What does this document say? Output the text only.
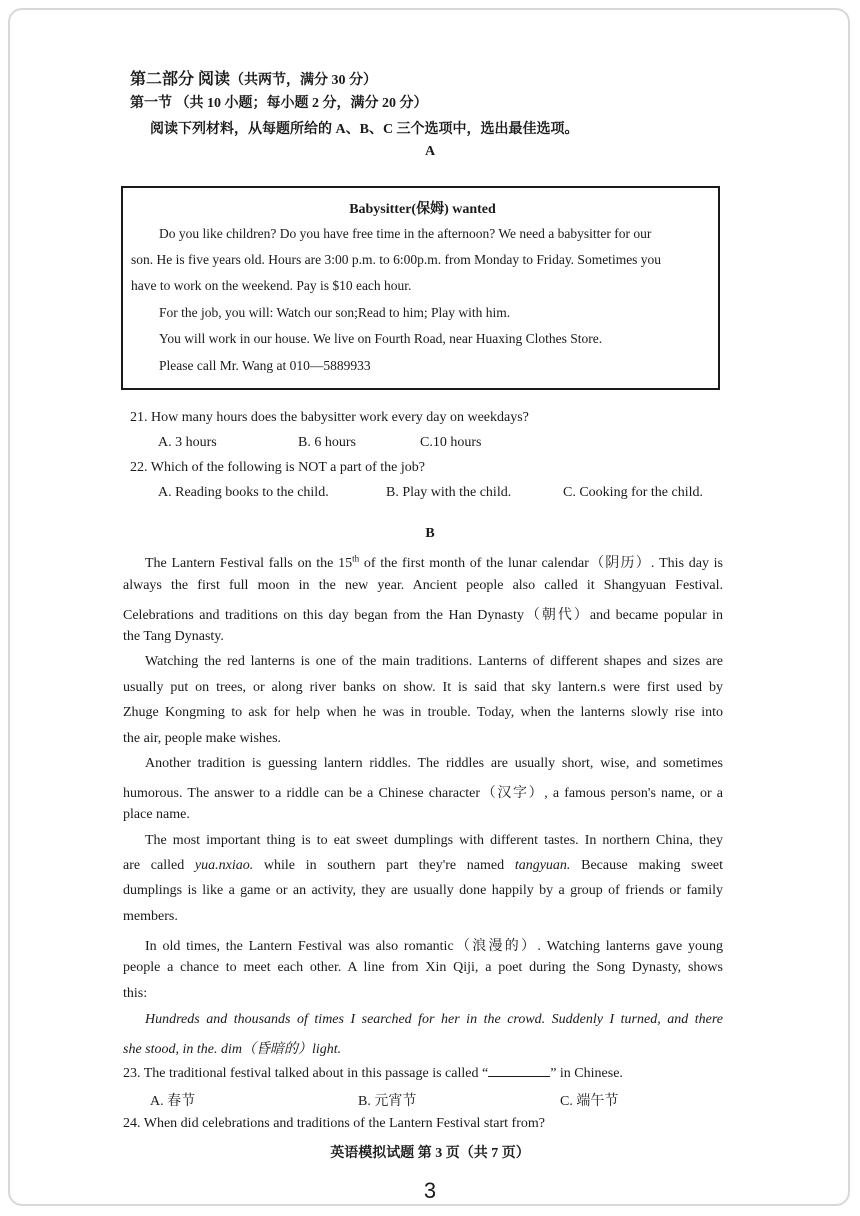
第二部分 阅读（共两节，满分 30 分）
第一节 （共 10 小题；每小题 2 分，满分 20 分）
阅读下列材料，从每题所给的 A、B、C 三个选项中，选出最佳选项。
A
Babysitter(保姆) wanted
Do you like children? Do you have free time in the afternoon? We need a babysitter for our
son. He is five years old. Hours are 3:00 p.m. to 6:00p.m. from Monday to Friday. Sometimes you
have to work on the weekend. Pay is $10 each hour.
For the job, you will: Watch our son;Read to him; Play with him.
You will work in our house. We live on Fourth Road, near Huaxing Clothes Store.
Please call Mr. Wang at 010—5889933
21. How many hours does the babysitter work every day on weekdays?
A. 3 hours	B. 6 hours	C.10 hours
22. Which of the following is NOT a part of the job?
A. Reading books to the child.	B. Play with the child.	C. Cooking for the child.
B
The Lantern Festival falls on the 15th of the first month of the lunar calendar（阴历）. This day is
always the first full moon in the new year. Ancient people also called it Shangyuan Festival.
Celebrations and traditions on this day began from the Han Dynasty（朝代）and became popular in
the Tang Dynasty.
Watching the red lanterns is one of the main traditions. Lanterns of different shapes and sizes are
usually put on trees, or along river banks on show. It is said that sky lantern.s were first used by
Zhuge Kongming to ask for help when he was in trouble. Today, when the lanterns slowly rise into
the air, people make wishes.
Another tradition is guessing lantern riddles. The riddles are usually short, wise, and sometimes
humorous. The answer to a riddle can be a Chinese character（汉字）, a famous person's name, or a
place name.
The most important thing is to eat sweet dumplings with different tastes. In northern China, they
are called yua.nxiao. while in southern part they're named tangyuan. Because making sweet
dumplings is like a game or an activity, they are usually done happily by a group of friends or family
members.
In old times, the Lantern Festival was also romantic（浪漫的）. Watching lanterns gave young
people a chance to meet each other. A line from Xin Qiji, a poet during the Song Dynasty, shows
this:
Hundreds and thousands of times I searched for her in the crowd. Suddenly I turned, and there
she stood, in the. dim（昏暗的）light.
23. The traditional festival talked about in this passage is called “	” in Chinese.
A. 春节	B. 元宵节	C. 端午节
24. When did celebrations and traditions of the Lantern Festival start from?
英语模拟试题 第 3 页（共 7 页）
3
